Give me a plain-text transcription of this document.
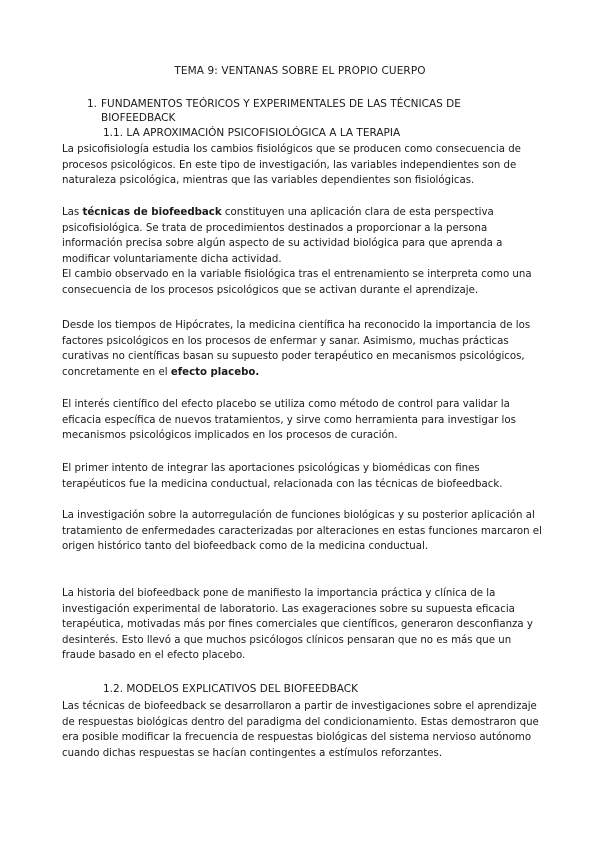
TEMA 9: VENTANAS SOBRE EL PROPIO CUERPO
1. FUNDAMENTOS TEÓRICOS Y EXPERIMENTALES DE LAS TÉCNICAS DE BIOFEEDBACK
1.1. LA APROXIMACIÓN PSICOFISIOLÓGICA A LA TERAPIA
La psicofisiología estudia los cambios fisiológicos que se producen como consecuencia de procesos psicológicos. En este tipo de investigación, las variables independientes son de naturaleza psicológica, mientras que las variables dependientes son fisiológicas.
Las técnicas de biofeedback constituyen una aplicación clara de esta perspectiva psicofisiológica. Se trata de procedimientos destinados a proporcionar a la persona información precisa sobre algún aspecto de su actividad biológica para que aprenda a modificar voluntariamente dicha actividad.
El cambio observado en la variable fisiológica tras el entrenamiento se interpreta como una consecuencia de los procesos psicológicos que se activan durante el aprendizaje.
Desde los tiempos de Hipócrates, la medicina científica ha reconocido la importancia de los factores psicológicos en los procesos de enfermar y sanar. Asimismo, muchas prácticas curativas no científicas basan su supuesto poder terapéutico en mecanismos psicológicos, concretamente en el efecto placebo.
El interés científico del efecto placebo se utiliza como método de control para validar la eficacia específica de nuevos tratamientos, y sirve como herramienta para investigar los mecanismos psicológicos implicados en los procesos de curación.
El primer intento de integrar las aportaciones psicológicas y biomédicas con fines terapéuticos fue la medicina conductual, relacionada con las técnicas de biofeedback.
La investigación sobre la autorregulación de funciones biológicas y su posterior aplicación al tratamiento de enfermedades caracterizadas por alteraciones en estas funciones marcaron el origen histórico tanto del biofeedback como de la medicina conductual.
La historia del biofeedback pone de manifiesto la importancia práctica y clínica de la investigación experimental de laboratorio. Las exageraciones sobre su supuesta eficacia terapéutica, motivadas más por fines comerciales que científicos, generaron desconfianza y desinterés. Esto llevó a que muchos psicólogos clínicos pensaran que no es más que un fraude basado en el efecto placebo.
1.2. MODELOS EXPLICATIVOS DEL BIOFEEDBACK
Las técnicas de biofeedback se desarrollaron a partir de investigaciones sobre el aprendizaje de respuestas biológicas dentro del paradigma del condicionamiento. Estas demostraron que era posible modificar la frecuencia de respuestas biológicas del sistema nervioso autónomo cuando dichas respuestas se hacían contingentes a estímulos reforzantes.
